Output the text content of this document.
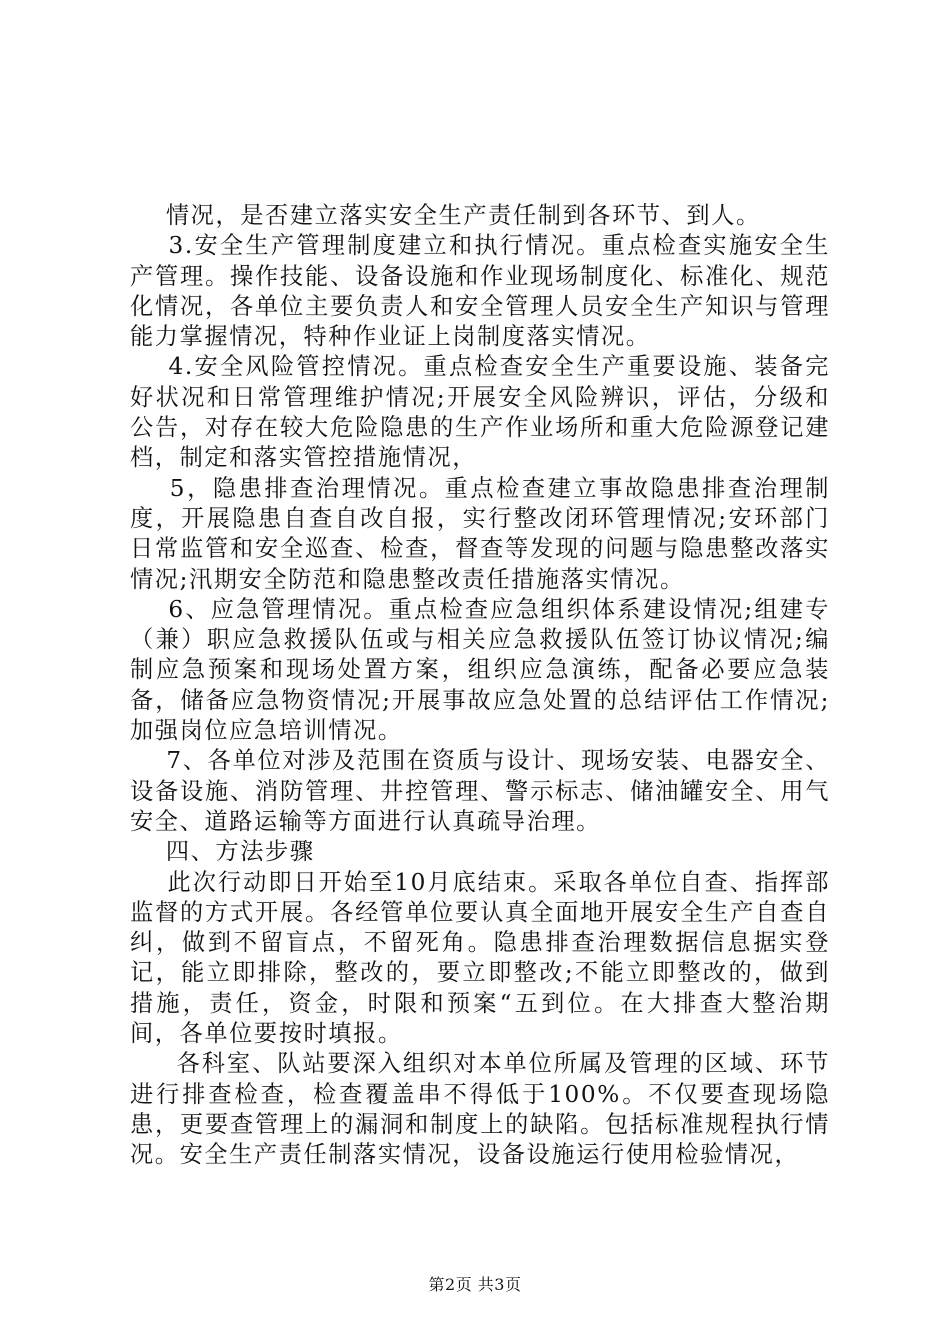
情况，是否建立落实安全生产责任制到各环节、到人。

3.安全生产管理制度建立和执行情况。重点检查实施安全生产管理。操作技能、设备设施和作业现场制度化、标准化、规范化情况，各单位主要负责人和安全管理人员安全生产知识与管理能力掌握情况，特种作业证上岗制度落实情况。

4.安全风险管控情况。重点检查安全生产重要设施、装备完好状况和日常管理维护情况;开展安全风险辨识，评估，分级和公告，对存在较大危险隐患的生产作业场所和重大危险源登记建档，制定和落实管控措施情况，

5，隐患排查治理情况。重点检查建立事故隐患排查治理制度，开展隐患自查自改自报，实行整改闭环管理情况;安环部门日常监管和安全巡查、检查，督查等发现的问题与隐患整改落实情况;汛期安全防范和隐患整改责任措施落实情况。

6、应急管理情况。重点检查应急组织体系建设情况;组建专（兼）职应急救援队伍或与相关应急救援队伍签订协议情况;编制应急预案和现场处置方案，组织应急演练，配备必要应急装备，储备应急物资情况;开展事故应急处置的总结评估工作情况;加强岗位应急培训情况。

7、各单位对涉及范围在资质与设计、现场安装、电器安全、设备设施、消防管理、井控管理、警示标志、储油罐安全、用气安全、道路运输等方面进行认真疏导治理。

四、方法步骤

此次行动即日开始至10月底结束。采取各单位自查、指挥部监督的方式开展。各经管单位要认真全面地开展安全生产自查自纠，做到不留盲点，不留死角。隐患排查治理数据信息据实登记，能立即排除，整改的，要立即整改;不能立即整改的，做到措施，责任，资金，时限和预案“五到位。在大排查大整治期间，各单位要按时填报。

各科室、队站要深入组织对本单位所属及管理的区域、环节进行排查检查，检查覆盖串不得低于100%。不仅要查现场隐患，更要查管理上的漏洞和制度上的缺陷。包括标准规程执行情况。安全生产责任制落实情况，设备设施运行使用检验情况，

第2页 共3页
